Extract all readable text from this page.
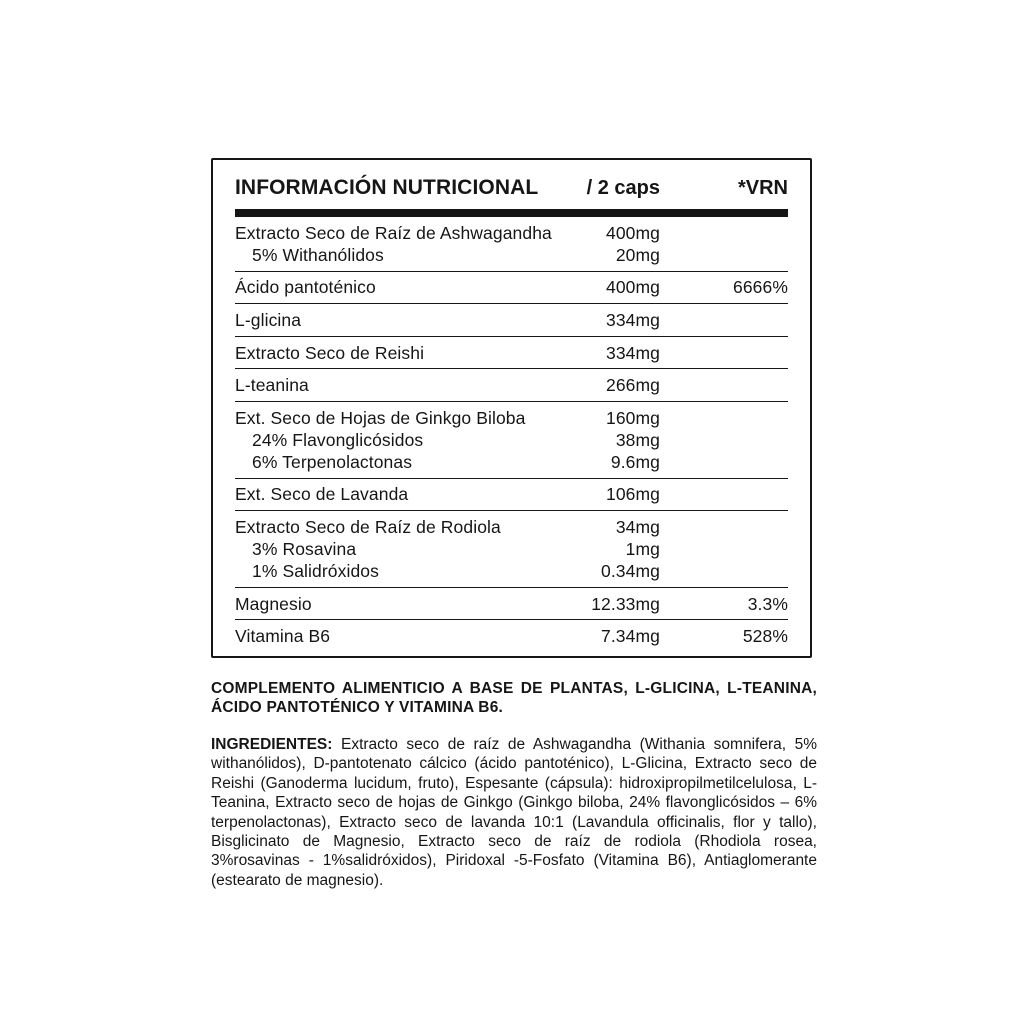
INFORMACIÓN NUTRICIONAL	/ 2 caps	*VRN
Extracto Seco de Raíz de Ashwagandha	400mg
5% Withanólidos	20mg
Ácido pantoténico	400mg	6666%
L-glicina	334mg
Extracto Seco de Reishi	334mg
L-teanina	266mg
Ext. Seco de Hojas de Ginkgo Biloba	160mg
24% Flavonglicósidos	38mg
6% Terpenolactonas	9.6mg
Ext. Seco de Lavanda	106mg
Extracto Seco de Raíz de Rodiola	34mg
3% Rosavina	1mg
1% Salidróxidos	0.34mg
Magnesio	12.33mg	3.3%
Vitamina B6	7.34mg	528%

COMPLEMENTO ALIMENTICIO A BASE DE PLANTAS, L-GLICINA, L-TEANINA, ÁCIDO PANTOTÉNICO Y VITAMINA B6.

INGREDIENTES: Extracto seco de raíz de Ashwagandha (Withania somnifera, 5% withanólidos), D-pantotenato cálcico (ácido pantoténico), L-Glicina, Extracto seco de Reishi (Ganoderma lucidum, fruto), Espesante (cápsula): hidroxipropilmetilcelulosa, L-Teanina, Extracto seco de hojas de Ginkgo (Ginkgo biloba, 24% flavonglicósidos – 6% terpenolactonas), Extracto seco de lavanda 10:1 (Lavandula officinalis, flor y tallo), Bisglicinato de Magnesio, Extracto seco de raíz de rodiola (Rhodiola rosea, 3%rosavinas - 1%salidróxidos), Piridoxal -5-Fosfato (Vitamina B6), Antiaglomerante (estearato de magnesio).
